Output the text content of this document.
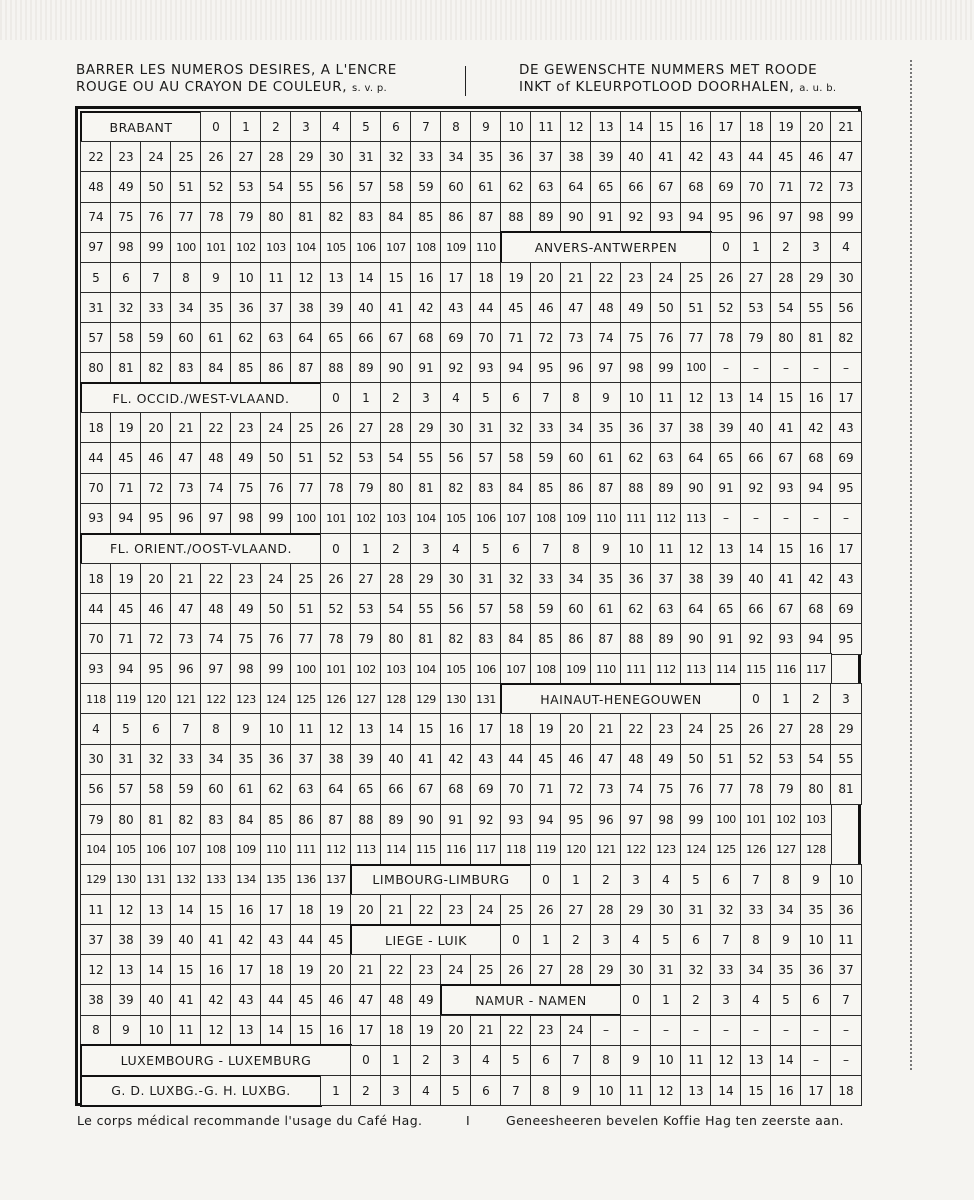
BARRER LES NUMEROS DESIRES, A L'ENCRE
ROUGE OU AU CRAYON DE COULEUR, s. v. p.
DE GEWENSCHTE NUMMERS MET ROODE
INKT of KLEURPOTLOOD DOORHALEN, a. u. b.
BRABANT	0	1	2	3	4	5	6	7	8	9	10	11	12	13	14	15	16	17	18	19	20	21
22	23	24	25	26	27	28	29	30	31	32	33	34	35	36	37	38	39	40	41	42	43	44	45	46	47
48	49	50	51	52	53	54	55	56	57	58	59	60	61	62	63	64	65	66	67	68	69	70	71	72	73
74	75	76	77	78	79	80	81	82	83	84	85	86	87	88	89	90	91	92	93	94	95	96	97	98	99
97	98	99	100 101 102 103 104 105 106 107 108 109 110	ANVERS-ANTWERPEN	0	1	2	3	4
5	6	7	8	9	10	11	12	13	14	15	16	17	18	19	20	21	22	23	24	25	26	27	28	29	30
31	32	33	34	35	36	37	38	39	40	41	42	43	44	45	46	47	48	49	50	51	52	53	54	55	56
57	58	59	60	61	62	63	64	65	66	67	68	69	70	71	72	73	74	75	76	77	78	79	80	81	82
80	81	82	83	84	85	86	87	88	89	90	91	92	93	94	95	96	97	98	99	100	–	–	–	–	–
FL. OCCID./WEST-VLAAND.	0	1	2	3	4	5	6	7	8	9	10	11	12	13	14	15	16	17
18	19	20	21	22	23	24	25	26	27	28	29	30	31	32	33	34	35	36	37	38	39	40	41	42	43
44	45	46	47	48	49	50	51	52	53	54	55	56	57	58	59	60	61	62	63	64	65	66	67	68	69
70	71	72	73	74	75	76	77	78	79	80	81	82	83	84	85	86	87	88	89	90	91	92	93	94	95
93	94	95	96	97	98	99	100 101 102 103 104 105 106 107 108 109 110 111 112 113	–	–	–	–	–
FL. ORIENT./OOST-VLAAND.	0	1	2	3	4	5	6	7	8	9	10	11	12	13	14	15	16	17
18	19	20	21	22	23	24	25	26	27	28	29	30	31	32	33	34	35	36	37	38	39	40	41	42	43
44	45	46	47	48	49	50	51	52	53	54	55	56	57	58	59	60	61	62	63	64	65	66	67	68	69
70	71	72	73	74	75	76	77	78	79	80	81	82	83	84	85	86	87	88	89	90	91	92	93	94	95
93	94	95	96	97	98	99	100 101 102 103 104 105 106 107 108 109 110 111 112 113 114 115 116 117
118 119 120 121 122 123 124 125 126 127 128 129 130 131	HAINAUT-HENEGOUWEN	0	1	2	3
4	5	6	7	8	9	10	11	12	13	14	15	16	17	18	19	20	21	22	23	24	25	26	27	28	29
30	31	32	33	34	35	36	37	38	39	40	41	42	43	44	45	46	47	48	49	50	51	52	53	54	55
56	57	58	59	60	61	62	63	64	65	66	67	68	69	70	71	72	73	74	75	76	77	78	79	80	81
79	80	81	82	83	84	85	86	87	88	89	90	91	92	93	94	95	96	97	98	99	100 101 102 103
104 105 106 107 108 109 110 111 112 113 114 115 116 117 118 119 120 121 122 123 124 125 126 127 128
129 130 131 132 133 134 135 136 137	LIMBOURG-LIMBURG	0	1	2	3	4	5	6	7	8	9	10
11	12	13	14	15	16	17	18	19	20	21	22	23	24	25	26	27	28	29	30	31	32	33	34	35	36
37	38	39	40	41	42	43	44	45	LIEGE - LUIK	0	1	2	3	4	5	6	7	8	9	10	11
12	13	14	15	16	17	18	19	20	21	22	23	24	25	26	27	28	29	30	31	32	33	34	35	36	37
38	39	40	41	42	43	44	45	46	47	48	49	NAMUR - NAMEN	0	1	2	3	4	5	6	7
8	9	10	11	12	13	14	15	16	17	18	19	20	21	22	23	24	–	–	–	–	–	–	–	–	–
LUXEMBOURG - LUXEMBURG	0	1	2	3	4	5	6	7	8	9	10	11	12	13	14	–	–
G. D. LUXBG.-G. H. LUXBG.	1	2	3	4	5	6	7	8	9	10	11	12	13	14	15	16	17	18
Le corps médical recommande l'usage du Café Hag.	I	Geneesheeren bevelen Koffie Hag ten zeerste aan.
